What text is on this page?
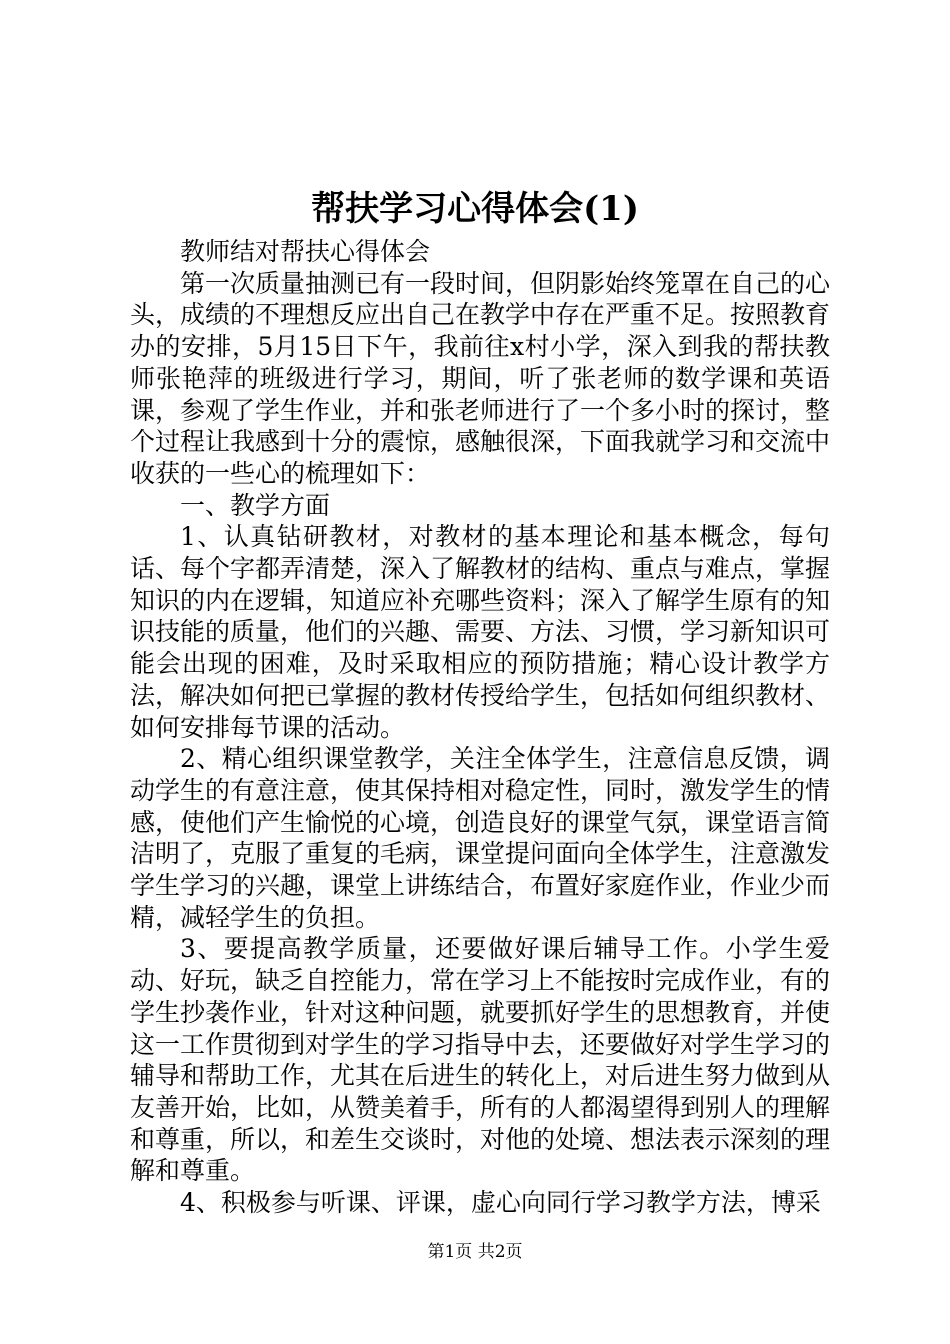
帮扶学习心得体会(1)

教师结对帮扶心得体会

第一次质量抽测已有一段时间，但阴影始终笼罩在自己的心头，成绩的不理想反应出自己在教学中存在严重不足。按照教育办的安排，5月15日下午，我前往x村小学，深入到我的帮扶教师张艳萍的班级进行学习，期间，听了张老师的数学课和英语课，参观了学生作业，并和张老师进行了一个多小时的探讨，整个过程让我感到十分的震惊，感触很深，下面我就学习和交流中收获的一些心的梳理如下：

一、教学方面

1、认真钻研教材，对教材的基本理论和基本概念，每句话、每个字都弄清楚，深入了解教材的结构、重点与难点，掌握知识的内在逻辑，知道应补充哪些资料；深入了解学生原有的知识技能的质量，他们的兴趣、需要、方法、习惯，学习新知识可能会出现的困难，及时采取相应的预防措施；精心设计教学方法，解决如何把已掌握的教材传授给学生，包括如何组织教材、如何安排每节课的活动。

2、精心组织课堂教学，关注全体学生，注意信息反馈，调动学生的有意注意，使其保持相对稳定性，同时，激发学生的情感，使他们产生愉悦的心境，创造良好的课堂气氛，课堂语言简洁明了，克服了重复的毛病，课堂提问面向全体学生，注意激发学生学习的兴趣，课堂上讲练结合，布置好家庭作业，作业少而精，减轻学生的负担。

3、要提高教学质量，还要做好课后辅导工作。小学生爱动、好玩，缺乏自控能力，常在学习上不能按时完成作业，有的学生抄袭作业，针对这种问题，就要抓好学生的思想教育，并使这一工作贯彻到对学生的学习指导中去，还要做好对学生学习的辅导和帮助工作，尤其在后进生的转化上，对后进生努力做到从友善开始，比如，从赞美着手，所有的人都渴望得到别人的理解和尊重，所以，和差生交谈时，对他的处境、想法表示深刻的理解和尊重。

4、积极参与听课、评课，虚心向同行学习教学方法，博采

第1页 共2页
